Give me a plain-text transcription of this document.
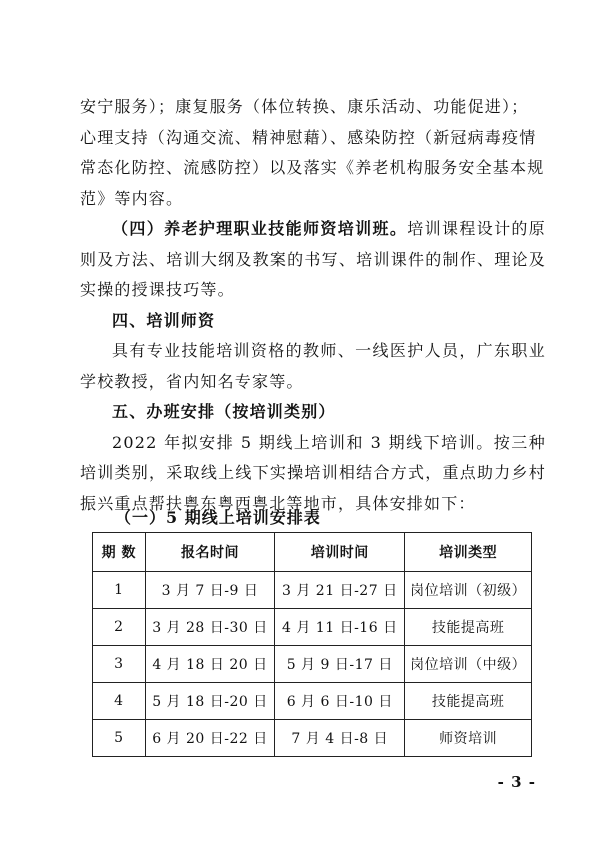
安宁服务）；康复服务（体位转换、康乐活动、功能促进）；
心理支持（沟通交流、精神慰藉）、感染防控（新冠病毒疫情
常态化防控、流感防控）以及落实《养老机构服务安全基本规
范》等内容。

（四）养老护理职业技能师资培训班。培训课程设计的原则及方法、培训大纲及教案的书写、培训课件的制作、理论及实操的授课技巧等。

四、培训师资

具有专业技能培训资格的教师、一线医护人员，广东职业学校教授，省内知名专家等。

五、办班安排（按培训类别）

2022 年拟安排 5 期线上培训和 3 期线下培训。按三种培训类别，采取线上线下实操培训相结合方式，重点助力乡村振兴重点帮扶粤东粤西粤北等地市，具体安排如下：

（一）5 期线上培训安排表
期 数	报名时间	培训时间	培训类型
1	3 月 7 日-9 日	3 月 21 日-27 日	岗位培训（初级）
2	3 月 28 日-30 日	4 月 11 日-16 日	技能提高班
3	4 月 18 日 20 日	5 月 9 日-17 日	岗位培训（中级）
4	5 月 18 日-20 日	6 月 6 日-10 日	技能提高班
5	6 月 20 日-22 日	7 月 4 日-8 日	师资培训
- 3 -
